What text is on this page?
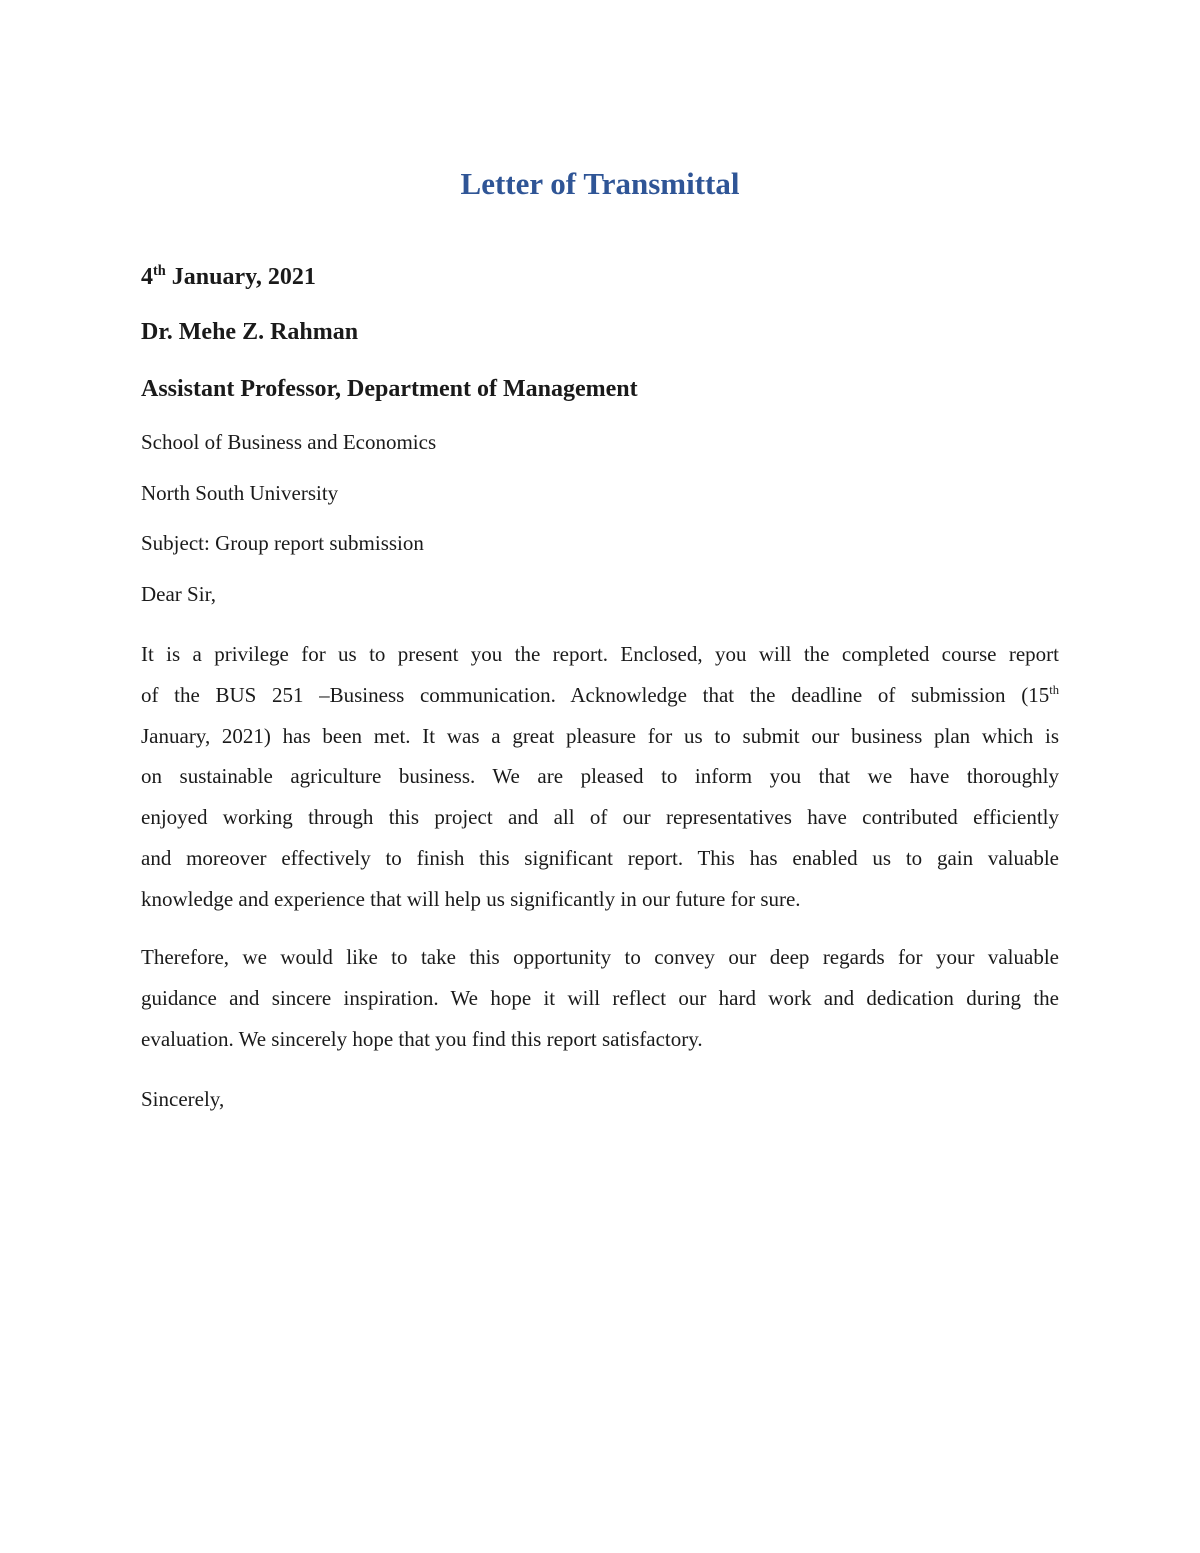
Letter of Transmittal

4th January, 2021

Dr. Mehe Z. Rahman

Assistant Professor, Department of Management

School of Business and Economics

North South University

Subject: Group report submission

Dear Sir,

It is a privilege for us to present you the report. Enclosed, you will the completed course report
of the BUS 251 –Business communication. Acknowledge that the deadline of submission (15th
January, 2021) has been met. It was a great pleasure for us to submit our business plan which is
on sustainable agriculture business. We are pleased to inform you that we have thoroughly
enjoyed working through this project and all of our representatives have contributed efficiently
and moreover effectively to finish this significant report. This has enabled us to gain valuable
knowledge and experience that will help us significantly in our future for sure.
Therefore, we would like to take this opportunity to convey our deep regards for your valuable
guidance and sincere inspiration. We hope it will reflect our hard work and dedication during the
evaluation. We sincerely hope that you find this report satisfactory.

Sincerely,
